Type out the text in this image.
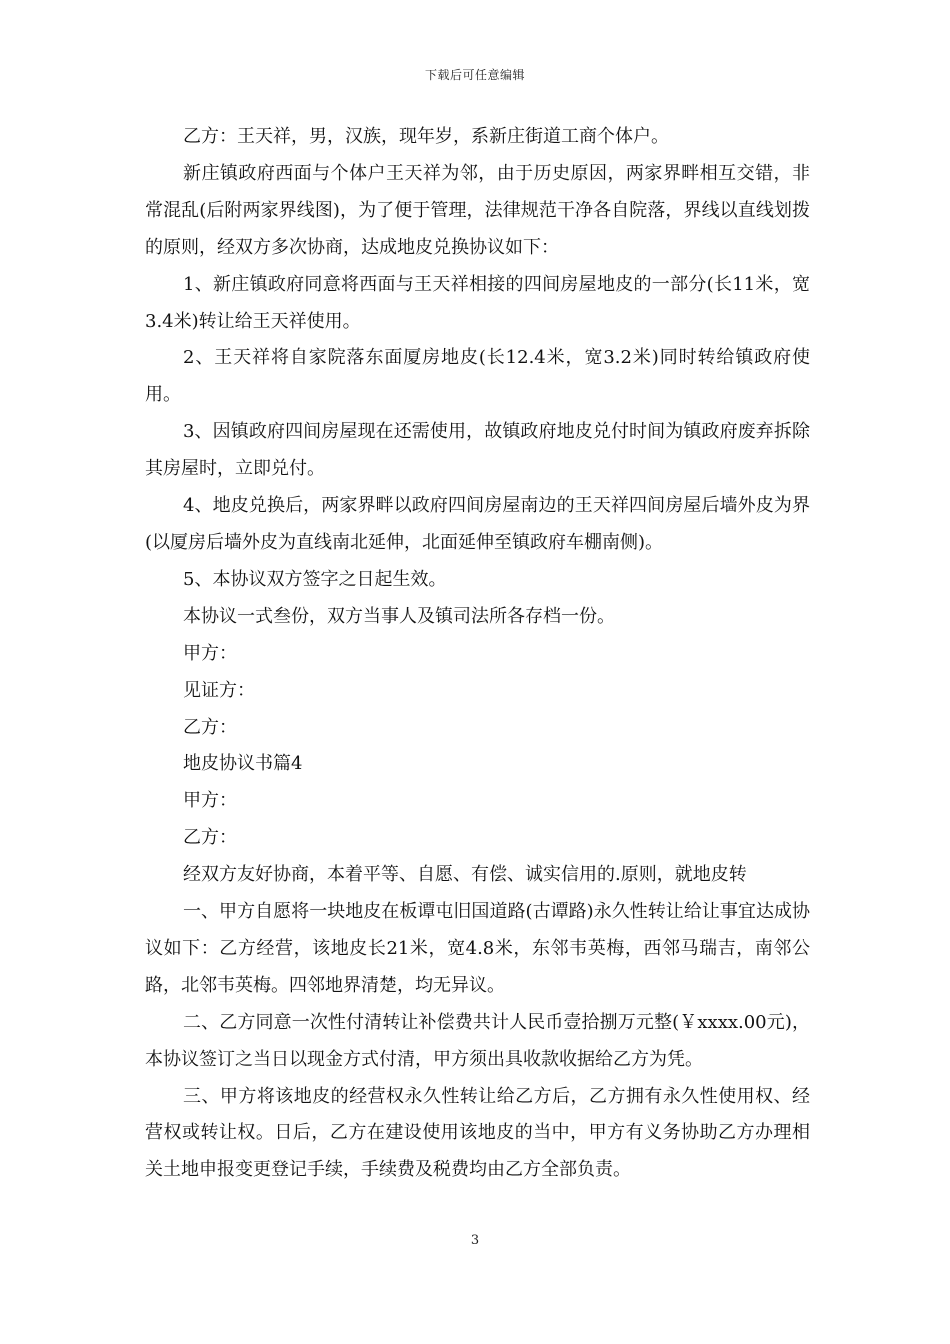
下载后可任意编辑

乙方：王天祥，男，汉族，现年岁，系新庄街道工商个体户。

新庄镇政府西面与个体户王天祥为邻，由于历史原因，两家界畔相互交错，非常混乱(后附两家界线图)，为了便于管理，法律规范干净各自院落，界线以直线划拨的原则，经双方多次协商，达成地皮兑换协议如下：

1、新庄镇政府同意将西面与王天祥相接的四间房屋地皮的一部分(长11米，宽3.4米)转让给王天祥使用。

2、王天祥将自家院落东面厦房地皮(长12.4米，宽3.2米)同时转给镇政府使用。

3、因镇政府四间房屋现在还需使用，故镇政府地皮兑付时间为镇政府废弃拆除其房屋时，立即兑付。

4、地皮兑换后，两家界畔以政府四间房屋南边的王天祥四间房屋后墙外皮为界(以厦房后墙外皮为直线南北延伸，北面延伸至镇政府车棚南侧)。

5、本协议双方签字之日起生效。

本协议一式叁份，双方当事人及镇司法所各存档一份。

甲方：

见证方：

乙方：

地皮协议书篇4

甲方：

乙方：

经双方友好协商，本着平等、自愿、有偿、诚实信用的.原则，就地皮转

一、甲方自愿将一块地皮在板谭屯旧国道路(古谭路)永久性转让给让事宜达成协议如下：乙方经营，该地皮长21米，宽4.8米，东邻韦英梅，西邻马瑞吉，南邻公路，北邻韦英梅。四邻地界清楚，均无异议。

二、乙方同意一次性付清转让补偿费共计人民币壹拾捌万元整(￥xxxx.00元)，本协议签订之当日以现金方式付清，甲方须出具收款收据给乙方为凭。

三、甲方将该地皮的经营权永久性转让给乙方后，乙方拥有永久性使用权、经营权或转让权。日后，乙方在建设使用该地皮的当中，甲方有义务协助乙方办理相关土地申报变更登记手续，手续费及税费均由乙方全部负责。

3
